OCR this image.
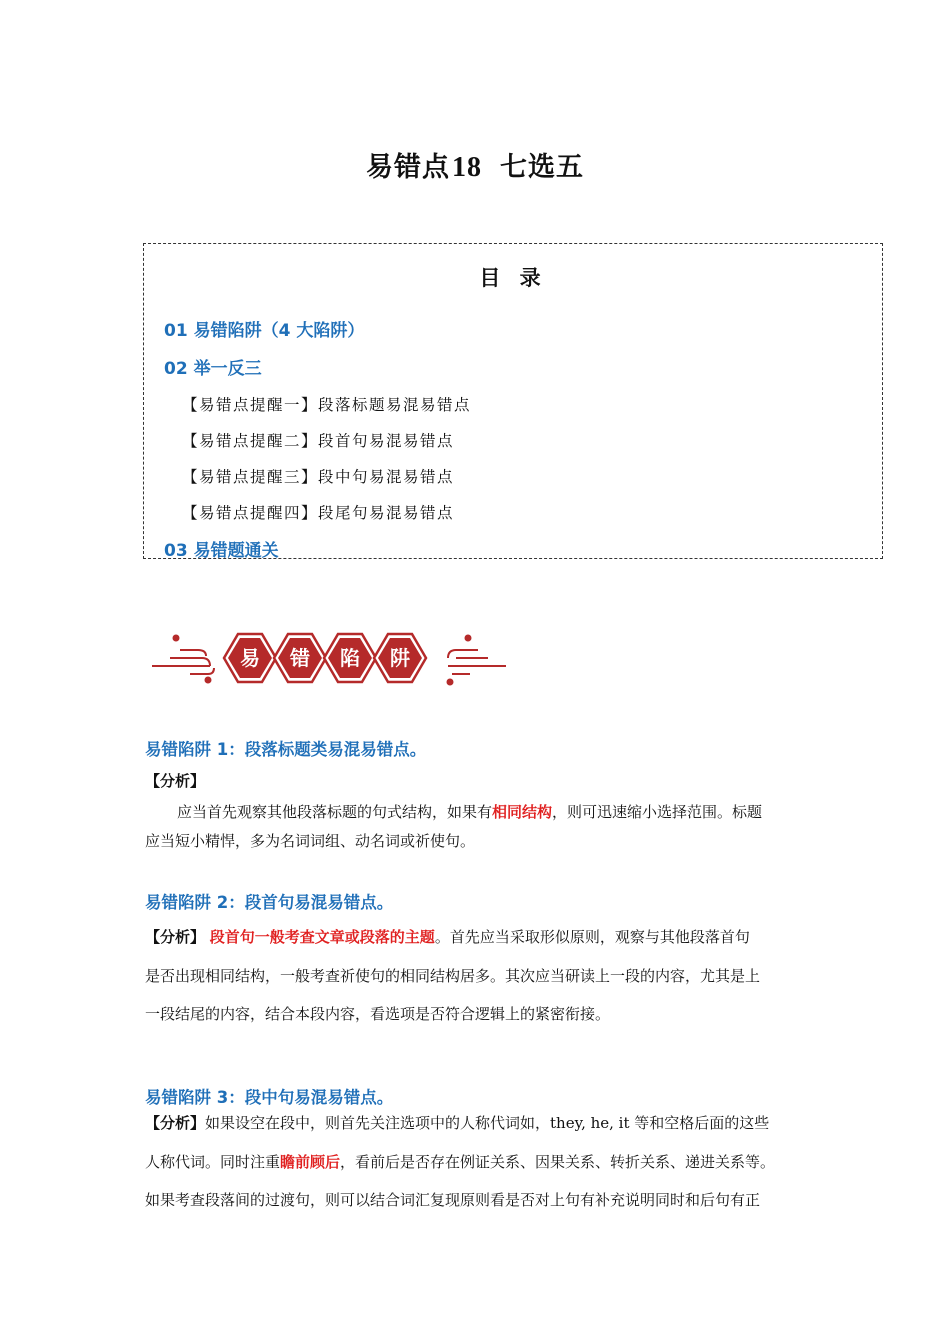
易错点18 七选五
目 录
01 易错陷阱（4 大陷阱）
02 举一反三
【易错点提醒一】段落标题易混易错点
【易错点提醒二】段首句易混易错点
【易错点提醒三】段中句易混易错点
【易错点提醒四】段尾句易混易错点
03 易错题通关
易 错 陷 阱
易错陷阱 1：段落标题类易混易错点。
【分析】
应当首先观察其他段落标题的句式结构，如果有相同结构，则可迅速缩小选择范围。标题
应当短小精悍，多为名词词组、动名词或祈使句。
易错陷阱 2：段首句易混易错点。
【分析】 段首句一般考查文章或段落的主题。首先应当采取形似原则，观察与其他段落首句
是否出现相同结构，一般考查祈使句的相同结构居多。其次应当研读上一段的内容，尤其是上
一段结尾的内容，结合本段内容，看选项是否符合逻辑上的紧密衔接。
易错陷阱 3：段中句易混易错点。
【分析】如果设空在段中，则首先关注选项中的人称代词如，they, he, it 等和空格后面的这些
人称代词。同时注重瞻前顾后，看前后是否存在例证关系、因果关系、转折关系、递进关系等。
如果考查段落间的过渡句，则可以结合词汇复现原则看是否对上句有补充说明同时和后句有正
